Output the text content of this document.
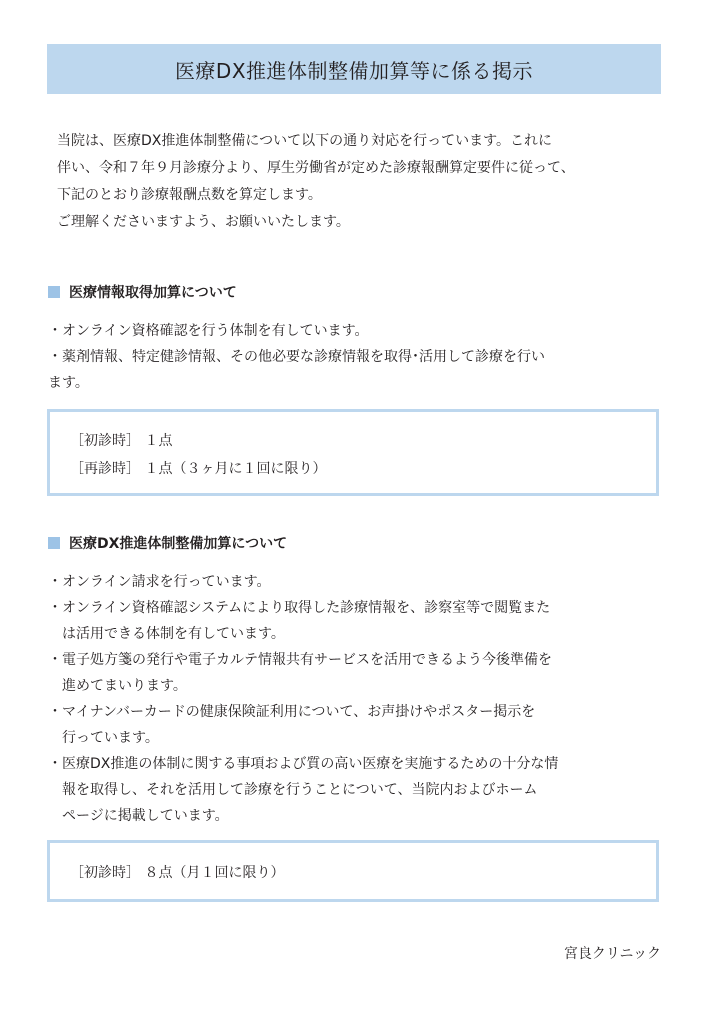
医療DX推進体制整備加算等に係る掲示

当院は、医療DX推進体制整備について以下の通り対応を行っています。これに

伴い、令和７年９月診療分より、厚生労働省が定めた診療報酬算定要件に従って、

下記のとおり診療報酬点数を算定します。

ご理解くださいますよう、お願いいたします。

医療情報取得加算について
・ オンライン資格確認を行う体制を有しています。
・ 薬剤情報、特定健診情報、その他必要な診療情報を取得･活用して診療を行い
ます。
［初診時］ １点
［再診時］ １点（３ヶ月に１回に限り）
医療DX推進体制整備加算について
・ オンライン請求を行っています。
・ オンライン資格確認システムにより取得した診療情報を、診察室等で閲覧また
は活用できる体制を有しています。
・ 電子処方箋の発行や電子カルテ情報共有サービスを活用できるよう今後準備を
進めてまいります。
・ マイナンバーカードの健康保険証利用について、お声掛けやポスター掲示を
行っています。
・ 医療DX推進の体制に関する事項および質の高い医療を実施するための十分な情
報を取得し、それを活用して診療を行うことについて、当院内およびホーム
ページに掲載しています。
［初診時］ ８点（月１回に限り）
宮良クリニック
